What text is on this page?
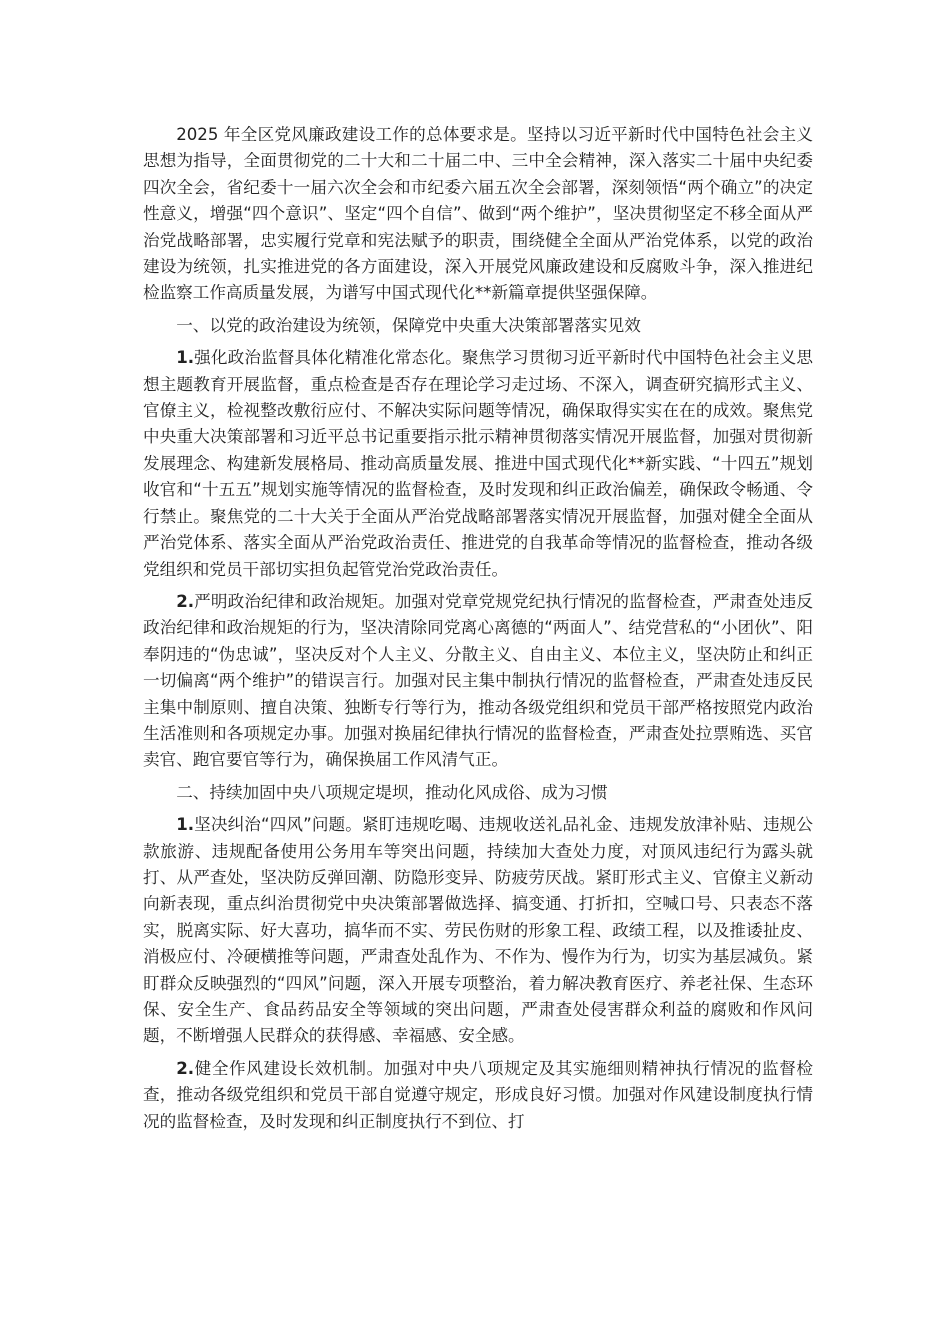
2025 年全区党风廉政建设工作的总体要求是。坚持以习近平新时代中国特色社会主义思想为指导，全面贯彻党的二十大和二十届二中、三中全会精神，深入落实二十届中央纪委四次全会，省纪委十一届六次全会和市纪委六届五次全会部署，深刻领悟“两个确立”的决定性意义，增强“四个意识”、坚定“四个自信”、做到“两个维护”，坚决贯彻坚定不移全面从严治党战略部署，忠实履行党章和宪法赋予的职责，围绕健全全面从严治党体系，以党的政治建设为统领，扎实推进党的各方面建设，深入开展党风廉政建设和反腐败斗争，深入推进纪检监察工作高质量发展，为谱写中国式现代化**新篇章提供坚强保障。

一、以党的政治建设为统领，保障党中央重大决策部署落实见效

1.强化政治监督具体化精准化常态化。聚焦学习贯彻习近平新时代中国特色社会主义思想主题教育开展监督，重点检查是否存在理论学习走过场、不深入，调查研究搞形式主义、官僚主义，检视整改敷衍应付、不解决实际问题等情况，确保取得实实在在的成效。聚焦党中央重大决策部署和习近平总书记重要指示批示精神贯彻落实情况开展监督，加强对贯彻新发展理念、构建新发展格局、推动高质量发展、推进中国式现代化**新实践、“十四五”规划收官和“十五五”规划实施等情况的监督检查，及时发现和纠正政治偏差，确保政令畅通、令行禁止。聚焦党的二十大关于全面从严治党战略部署落实情况开展监督，加强对健全全面从严治党体系、落实全面从严治党政治责任、推进党的自我革命等情况的监督检查，推动各级党组织和党员干部切实担负起管党治党政治责任。

2.严明政治纪律和政治规矩。加强对党章党规党纪执行情况的监督检查，严肃查处违反政治纪律和政治规矩的行为，坚决清除同党离心离德的“两面人”、结党营私的“小团伙”、阳奉阴违的“伪忠诚”，坚决反对个人主义、分散主义、自由主义、本位主义，坚决防止和纠正一切偏离“两个维护”的错误言行。加强对民主集中制执行情况的监督检查，严肃查处违反民主集中制原则、擅自决策、独断专行等行为，推动各级党组织和党员干部严格按照党内政治生活准则和各项规定办事。加强对换届纪律执行情况的监督检查，严肃查处拉票贿选、买官卖官、跑官要官等行为，确保换届工作风清气正。

二、持续加固中央八项规定堤坝，推动化风成俗、成为习惯

1.坚决纠治“四风”问题。紧盯违规吃喝、违规收送礼品礼金、违规发放津补贴、违规公款旅游、违规配备使用公务用车等突出问题，持续加大查处力度，对顶风违纪行为露头就打、从严查处，坚决防反弹回潮、防隐形变异、防疲劳厌战。紧盯形式主义、官僚主义新动向新表现，重点纠治贯彻党中央决策部署做选择、搞变通、打折扣，空喊口号、只表态不落实，脱离实际、好大喜功，搞华而不实、劳民伤财的形象工程、政绩工程，以及推诿扯皮、消极应付、冷硬横推等问题，严肃查处乱作为、不作为、慢作为行为，切实为基层减负。紧盯群众反映强烈的“四风”问题，深入开展专项整治，着力解决教育医疗、养老社保、生态环保、安全生产、食品药品安全等领域的突出问题，严肃查处侵害群众利益的腐败和作风问题，不断增强人民群众的获得感、幸福感、安全感。

2.健全作风建设长效机制。加强对中央八项规定及其实施细则精神执行情况的监督检查，推动各级党组织和党员干部自觉遵守规定，形成良好习惯。加强对作风建设制度执行情况的监督检查，及时发现和纠正制度执行不到位、打
